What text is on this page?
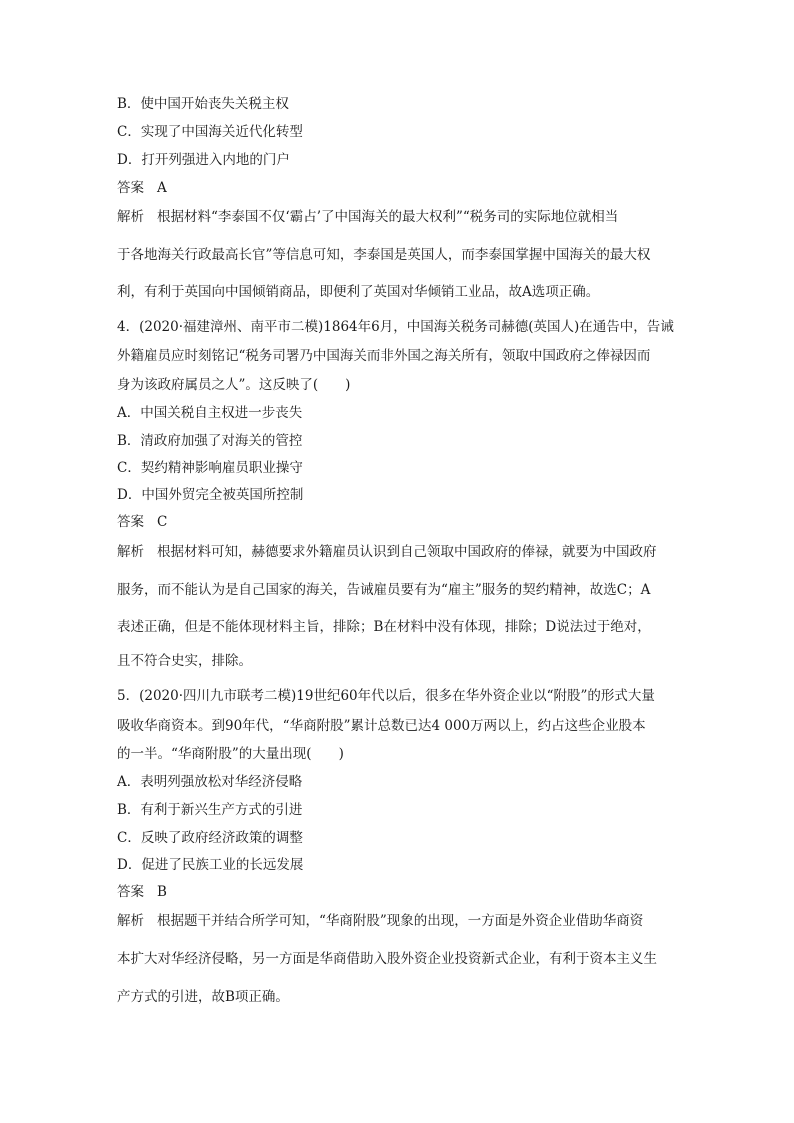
B．使中国开始丧失关税主权
C．实现了中国海关近代化转型
D．打开列强进入内地的门户
答案 A
解析 根据材料“李泰国不仅‘霸占’了中国海关的最大权利”“税务司的实际地位就相当
于各地海关行政最高长官”等信息可知，李泰国是英国人，而李泰国掌握中国海关的最大权
利，有利于英国向中国倾销商品，即便利了英国对华倾销工业品，故A选项正确。
4．(2020·福建漳州、南平市二模)1864年6月，中国海关税务司赫德(英国人)在通告中，告诫
外籍雇员应时刻铭记“税务司署乃中国海关而非外国之海关所有，领取中国政府之俸禄因而
身为该政府属员之人”。这反映了(　　)
A．中国关税自主权进一步丧失
B．清政府加强了对海关的管控
C．契约精神影响雇员职业操守
D．中国外贸完全被英国所控制
答案 C
解析 根据材料可知，赫德要求外籍雇员认识到自己领取中国政府的俸禄，就要为中国政府
服务，而不能认为是自己国家的海关，告诫雇员要有为“雇主”服务的契约精神，故选C；A
表述正确，但是不能体现材料主旨，排除；B在材料中没有体现，排除；D说法过于绝对，
且不符合史实，排除。
5．(2020·四川九市联考二模)19世纪60年代以后，很多在华外资企业以“附股”的形式大量
吸收华商资本。到90年代，“华商附股”累计总数已达4 000万两以上，约占这些企业股本
的一半。“华商附股”的大量出现(　　)
A．表明列强放松对华经济侵略
B．有利于新兴生产方式的引进
C．反映了政府经济政策的调整
D．促进了民族工业的长远发展
答案 B
解析 根据题干并结合所学可知，“华商附股”现象的出现，一方面是外资企业借助华商资
本扩大对华经济侵略，另一方面是华商借助入股外资企业投资新式企业，有利于资本主义生
产方式的引进，故B项正确。
